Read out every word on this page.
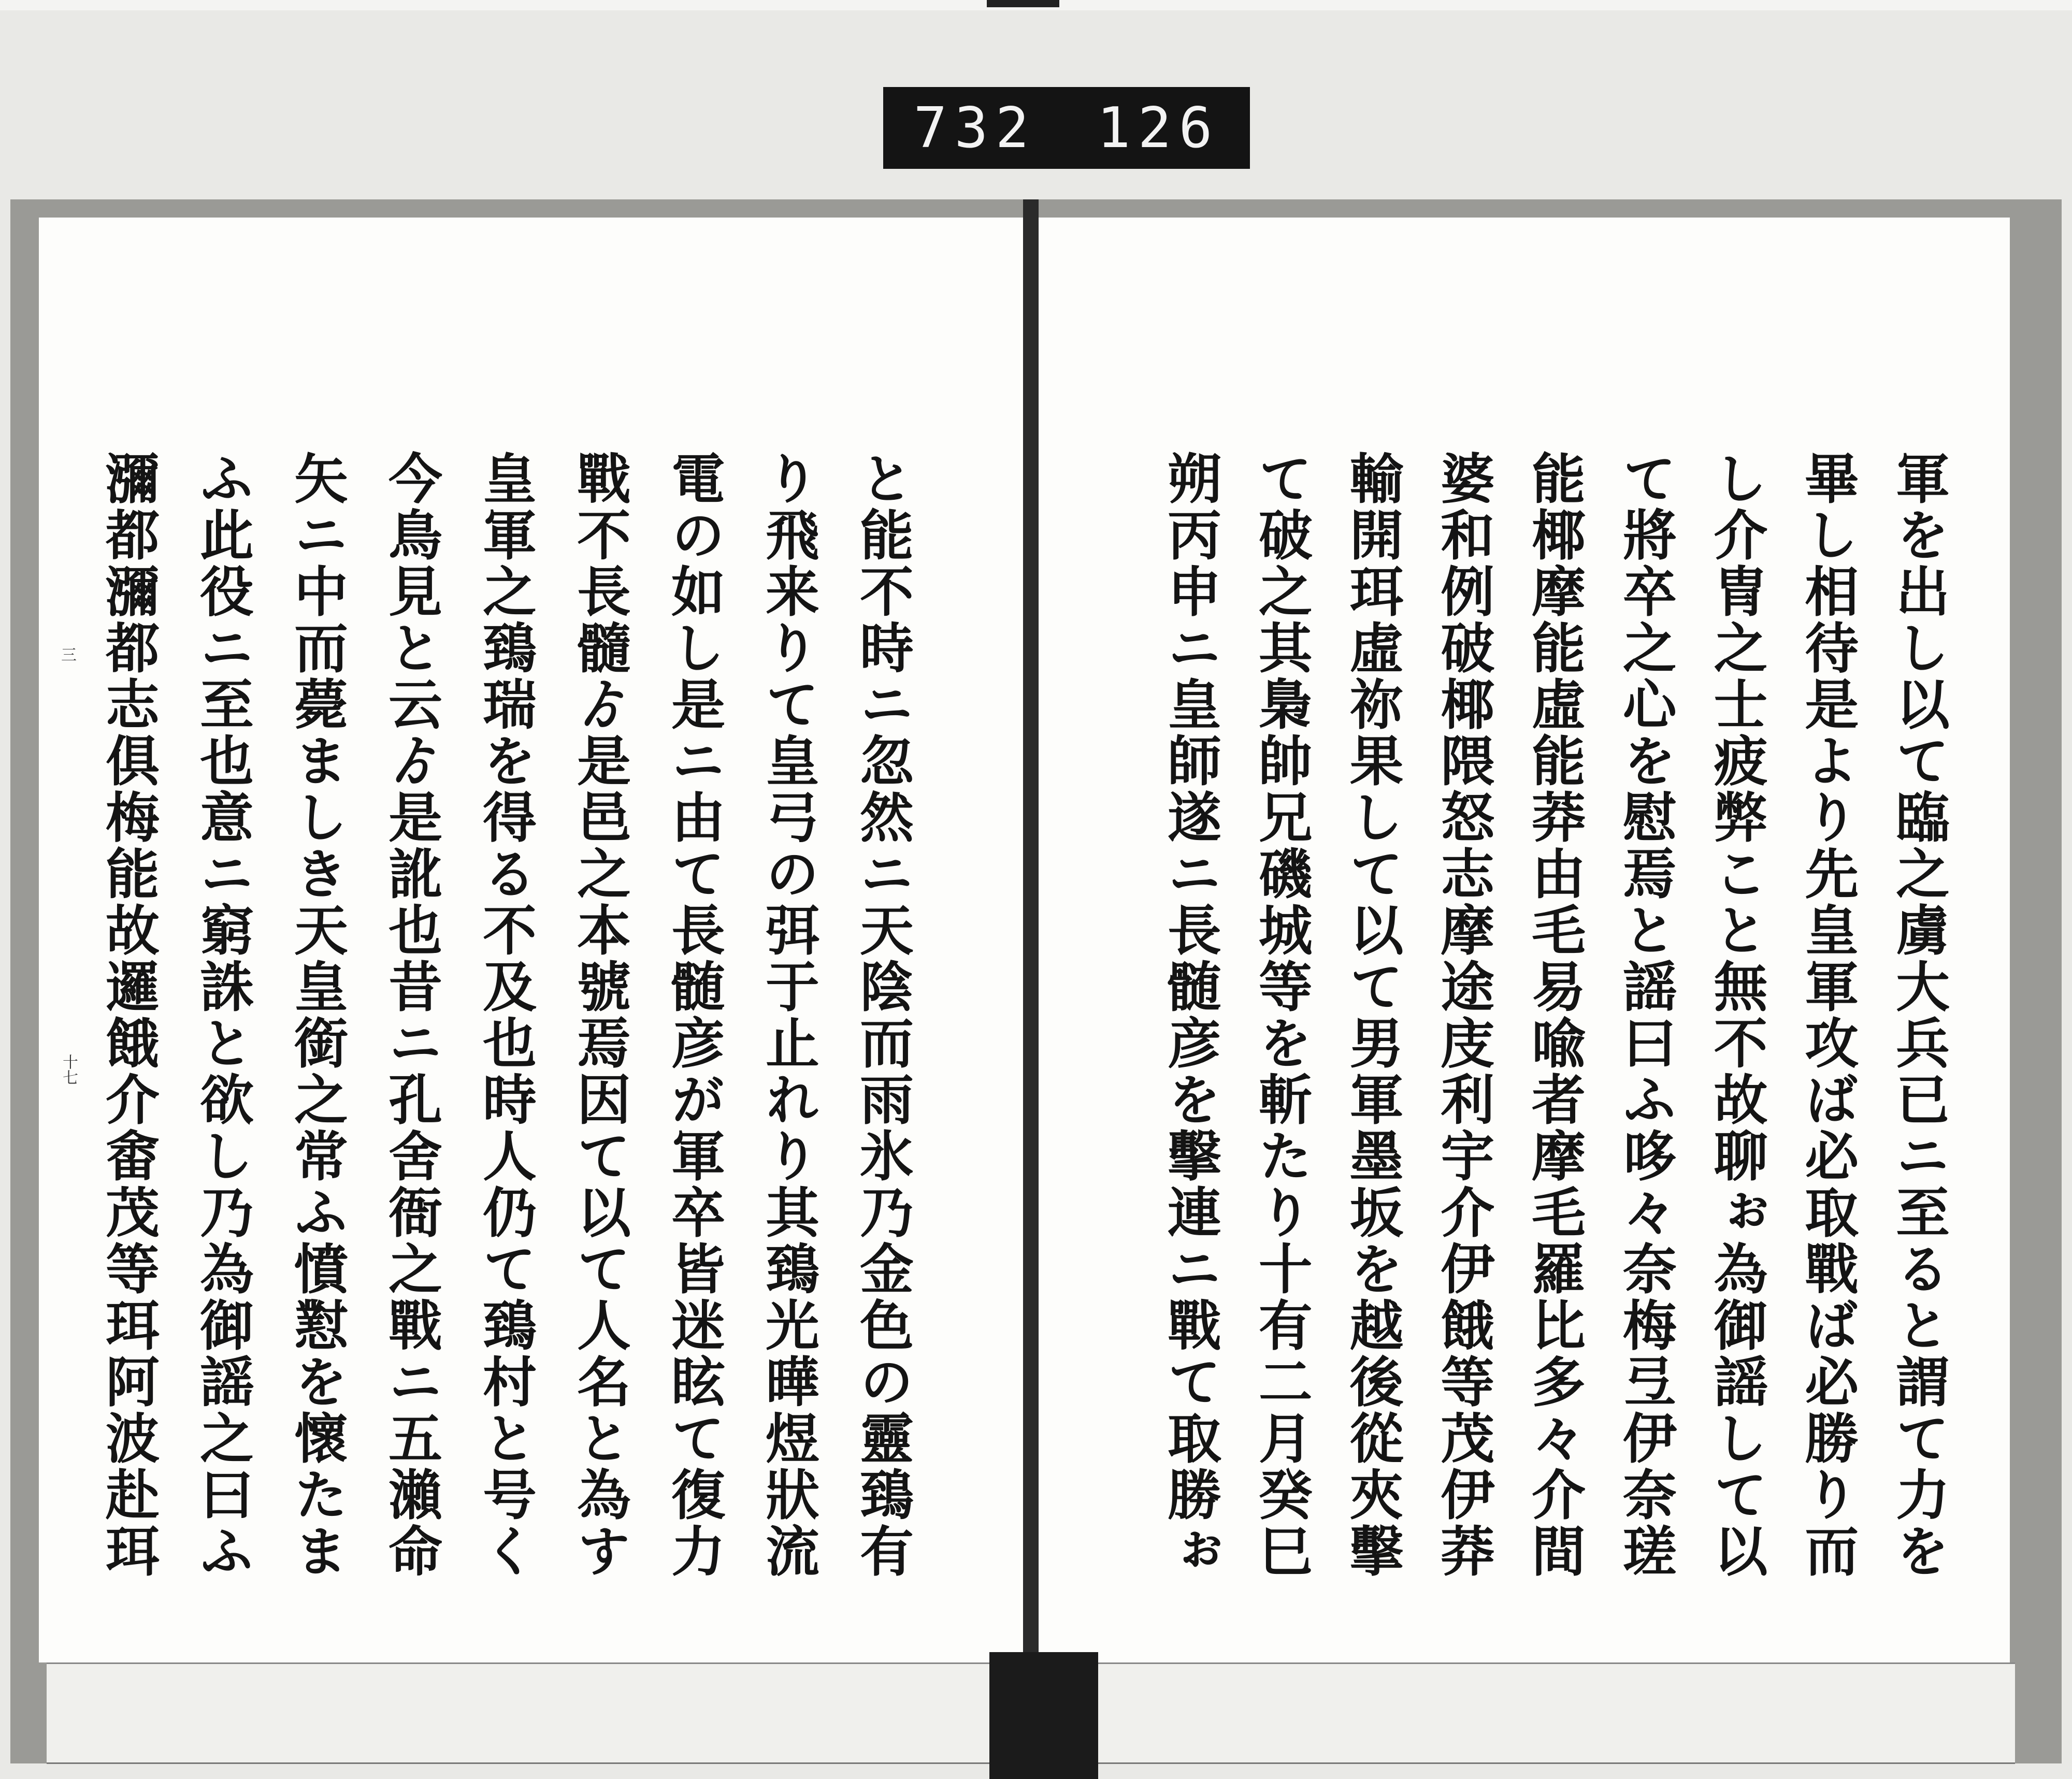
732 126
三
十七	軍を出し以て臨之虜大兵已ニ至ると謂て力を
畢し相待是より先皇軍攻ば必取戰ば必勝り而
し介冑之士疲弊こと無不故聊ぉ為御謡して以
て將卒之心を慰焉と謡曰ふ哆々奈梅弖伊奈瑳
能椰摩能虛能莽由毛易喩者摩毛羅比多々介間
婆和例破椰隈怒志摩途庋利宇介伊餓等茂伊莽
輸開珥虛祢果して以て男軍墨坂を越後從夾擊
て破之其梟帥兄磯城等を斬たり十有二月癸巳
朔丙申ニ皇師遂ニ長髄彦を擊連ニ戰て取勝ぉ
と能不時ニ忽然ニ天陰而雨氷乃金色の靈鵄有
り飛来りて皇弓の弭于止れり其鵄光曄煜狀流
電の如し是ニ由て長髄彦が軍卒皆迷眩て復力
戰不長髓ゟ是邑之本號焉因て以て人名と為す
皇軍之鵄瑞を得る不及也時人仍て鵄村と号く
今鳥見と云ゟ是訛也昔ニ孔舍衙之戰ニ五瀨命
矢ニ中而薨ましき天皇銜之常ふ憤懟を懷たま
ふ此役ニ至也意ニ窮誅と欲し乃為御謡之曰ふ
瀰都瀰都志俱梅能故邏餓介畬茂等珥阿波赴珥
